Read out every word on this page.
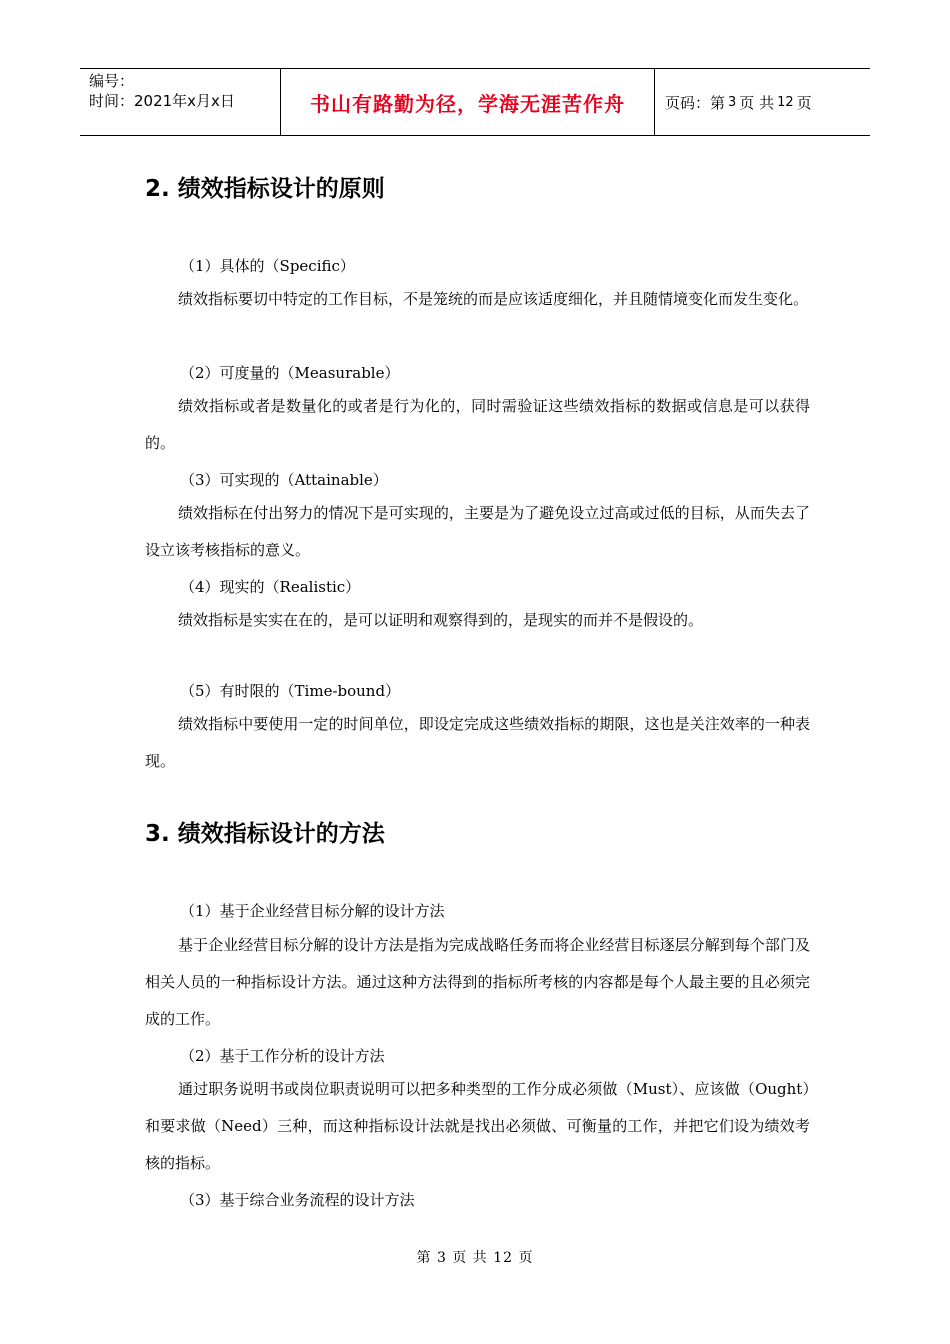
编号：
时间：2021年x月x日	书山有路勤为径，学海无涯苦作舟	页码：第 3 页 共 12 页
2. 绩效指标设计的原则

（1）具体的（Specific）

绩效指标要切中特定的工作目标，不是笼统的而是应该适度细化，并且随情境变化而发生变化。

（2）可度量的（Measurable）

绩效指标或者是数量化的或者是行为化的，同时需验证这些绩效指标的数据或信息是可以获得的。

（3）可实现的（Attainable）

绩效指标在付出努力的情况下是可实现的，主要是为了避免设立过高或过低的目标，从而失去了设立该考核指标的意义。

（4）现实的（Realistic）

绩效指标是实实在在的，是可以证明和观察得到的，是现实的而并不是假设的。

（5）有时限的（Time-bound）

绩效指标中要使用一定的时间单位，即设定完成这些绩效指标的期限，这也是关注效率的一种表现。

3. 绩效指标设计的方法

（1）基于企业经营目标分解的设计方法

基于企业经营目标分解的设计方法是指为完成战略任务而将企业经营目标逐层分解到每个部门及相关人员的一种指标设计方法。通过这种方法得到的指标所考核的内容都是每个人最主要的且必须完成的工作。

（2）基于工作分析的设计方法

通过职务说明书或岗位职责说明可以把多种类型的工作分成必须做（Must）、应该做（Ought）和要求做（Need）三种，而这种指标设计法就是找出必须做、可衡量的工作，并把它们设为绩效考核的指标。

（3）基于综合业务流程的设计方法

第 3 页 共 12 页
